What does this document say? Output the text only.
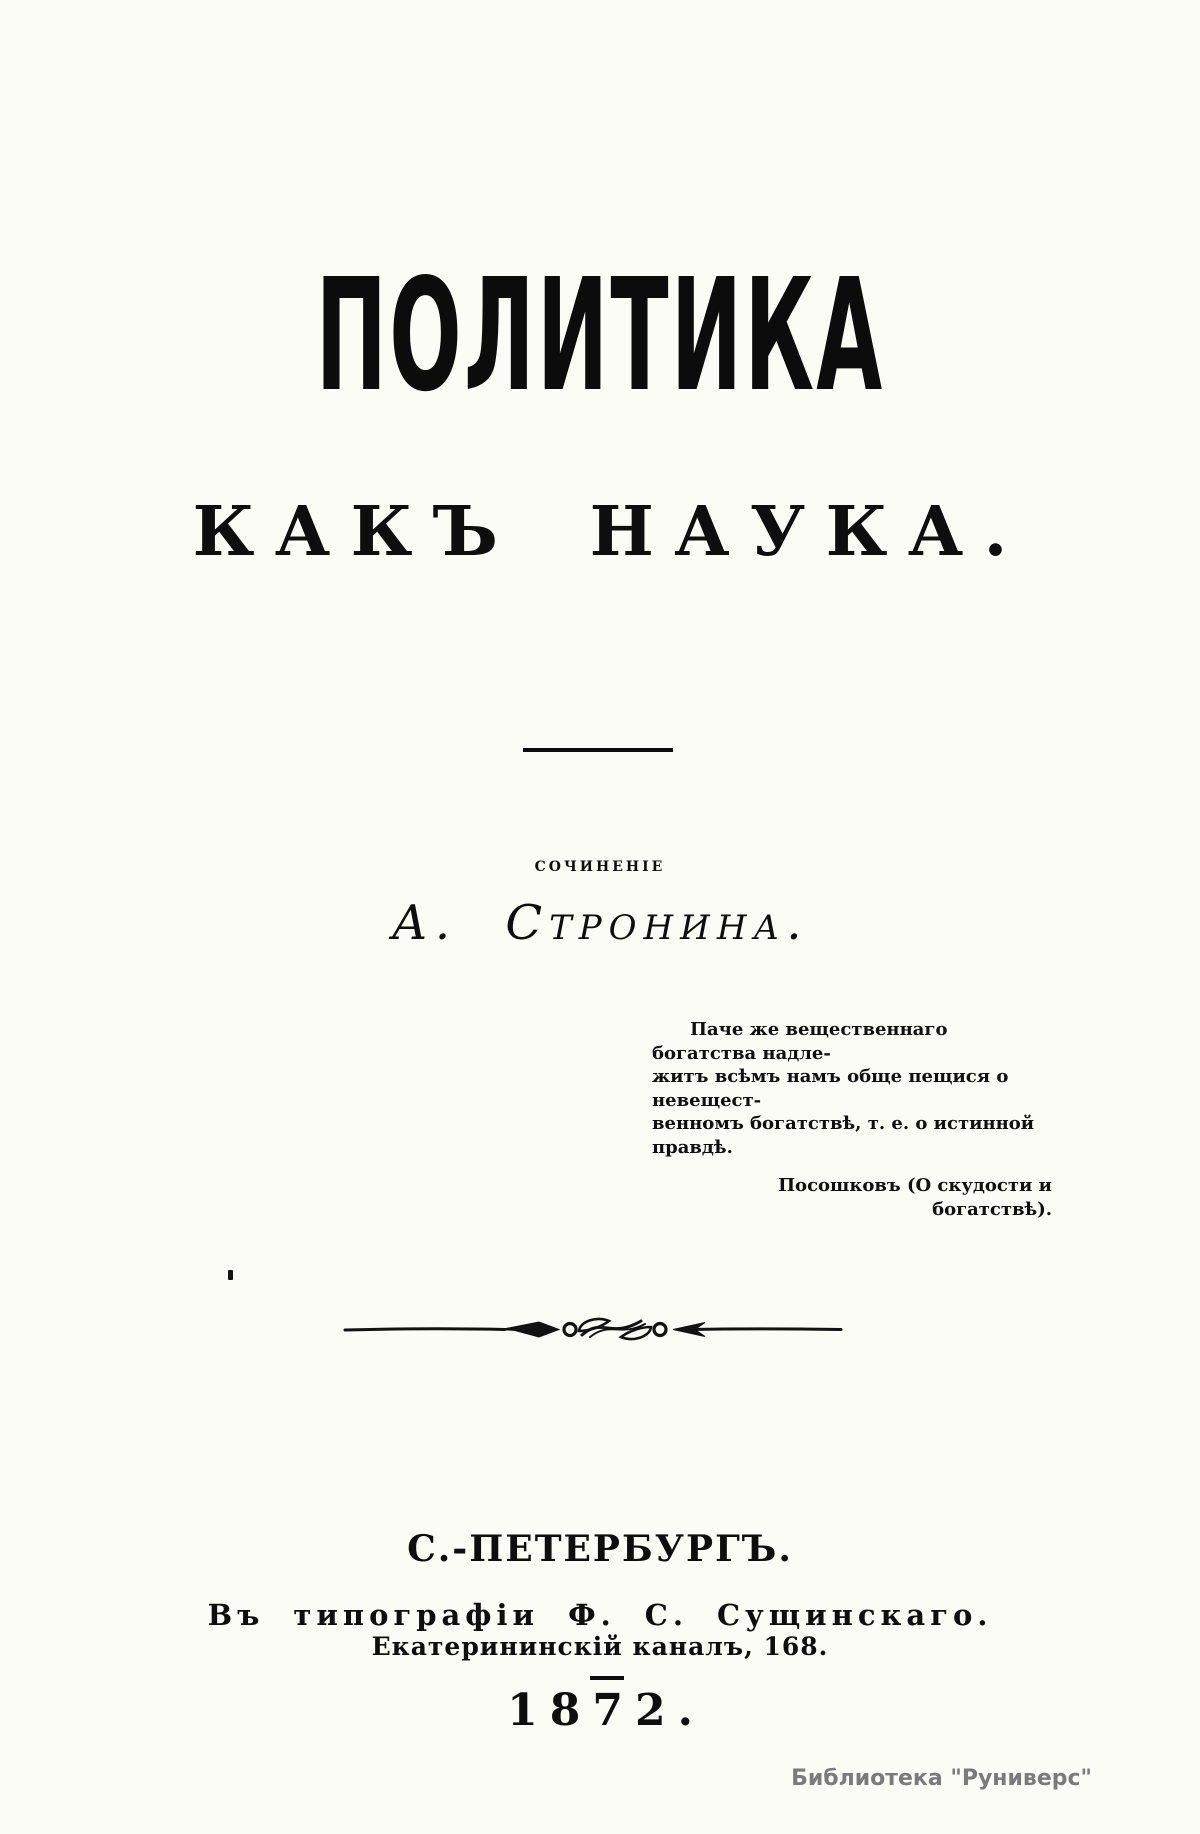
ПОЛИТИКА
КАКЪ НАУКА.
СОЧИНЕНІЕ
А. Стронина.
Паче же вещественнаго богатства надле-
житъ всѣмъ намъ обще пещися о невещест-
венномъ богатствѣ, т. е. о истинной правдѣ.
Посошковъ (О скудости и богатствѣ).
С.-ПЕТЕРБУРГЪ.
Въ типографіи Ф. С. Сущинскаго.
Екатерининскій каналъ, 168.
1872.
Библиотека "Руниверс"
